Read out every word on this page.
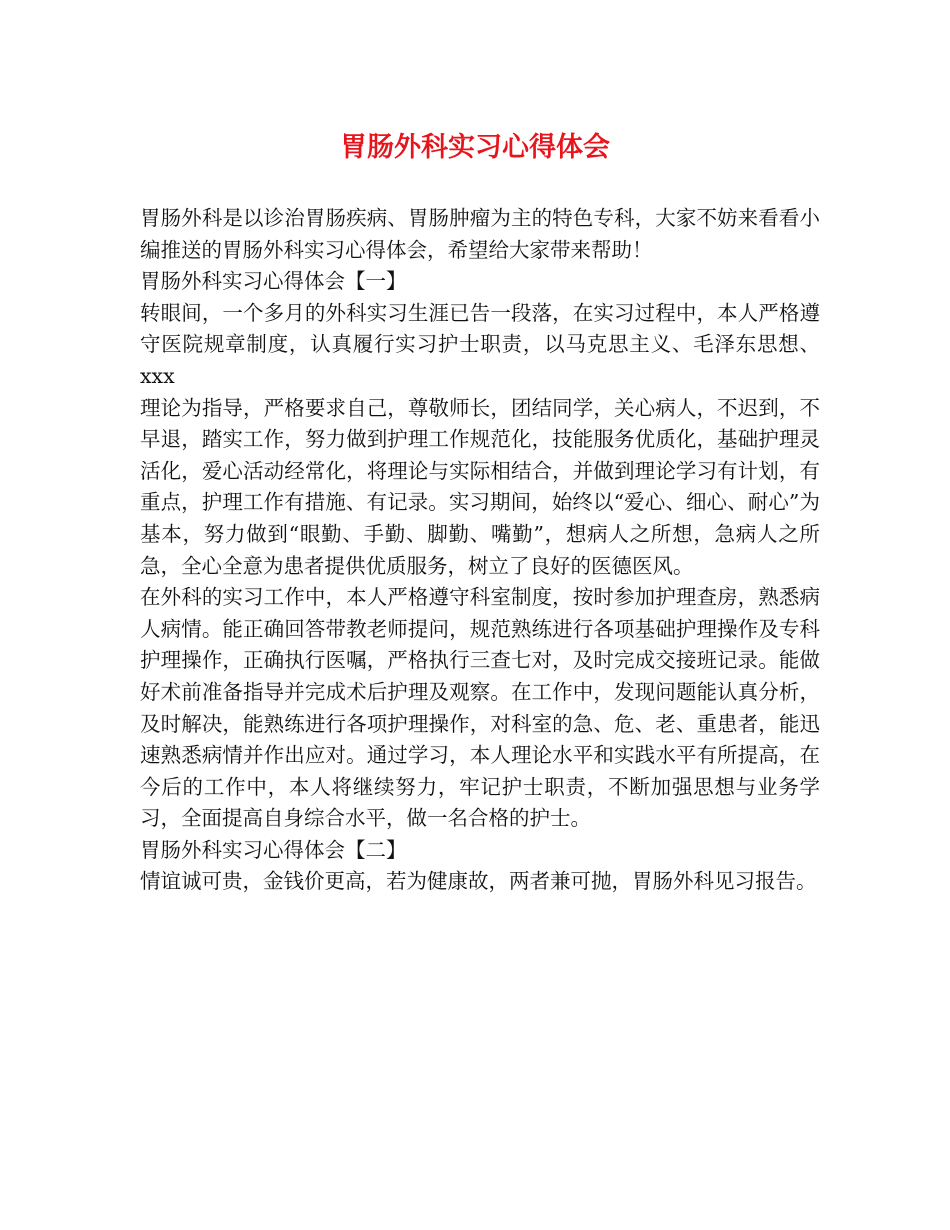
胃肠外科实习心得体会

胃肠外科是以诊治胃肠疾病、胃肠肿瘤为主的特色专科，大家不妨来看看小编推送的胃肠外科实习心得体会，希望给大家带来帮助！

胃肠外科实习心得体会【一】

转眼间，一个多月的外科实习生涯已告一段落，在实习过程中，本人严格遵守医院规章制度，认真履行实习护士职责，以马克思主义、毛泽东思想、xxx

理论为指导，严格要求自己，尊敬师长，团结同学，关心病人，不迟到，不早退，踏实工作，努力做到护理工作规范化，技能服务优质化，基础护理灵活化，爱心活动经常化，将理论与实际相结合，并做到理论学习有计划，有重点，护理工作有措施、有记录。实习期间，始终以“爱心、细心、耐心”为基本，努力做到“眼勤、手勤、脚勤、嘴勤”，想病人之所想，急病人之所急，全心全意为患者提供优质服务，树立了良好的医德医风。

在外科的实习工作中，本人严格遵守科室制度，按时参加护理查房，熟悉病人病情。能正确回答带教老师提问，规范熟练进行各项基础护理操作及专科护理操作，正确执行医嘱，严格执行三查七对，及时完成交接班记录。能做好术前准备指导并完成术后护理及观察。在工作中，发现问题能认真分析，及时解决，能熟练进行各项护理操作，对科室的急、危、老、重患者，能迅速熟悉病情并作出应对。通过学习，本人理论水平和实践水平有所提高，在今后的工作中，本人将继续努力，牢记护士职责，不断加强思想与业务学习，全面提高自身综合水平，做一名合格的护士。

胃肠外科实习心得体会【二】

情谊诚可贵，金钱价更高，若为健康故，两者兼可抛，胃肠外科见习报告。
